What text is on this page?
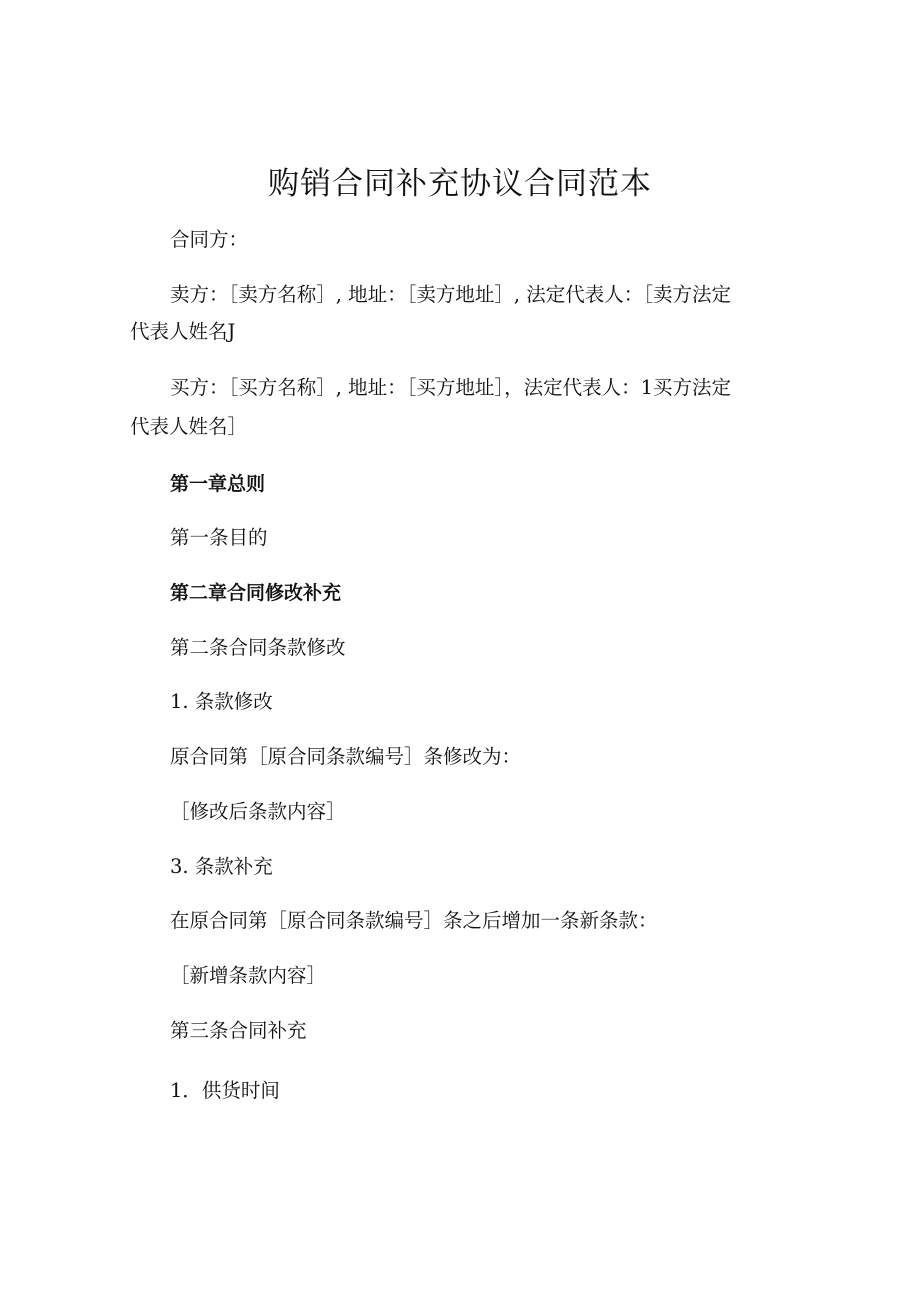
购销合同补充协议合同范本

合同方：

卖方：［卖方名称］, 地址：［卖方地址］, 法定代表人：［卖方法定

代表人姓名J

买方：［买方名称］, 地址：［买方地址］，法定代表人：1买方法定

代表人姓名］

第一章总则

第一条目的

第二章合同修改补充

第二条合同条款修改

1. 条款修改

原合同第［原合同条款编号］条修改为：

［修改后条款内容］

3. 条款补充

在原合同第［原合同条款编号］条之后增加一条新条款：

［新增条款内容］

第三条合同补充

1．供货时间
